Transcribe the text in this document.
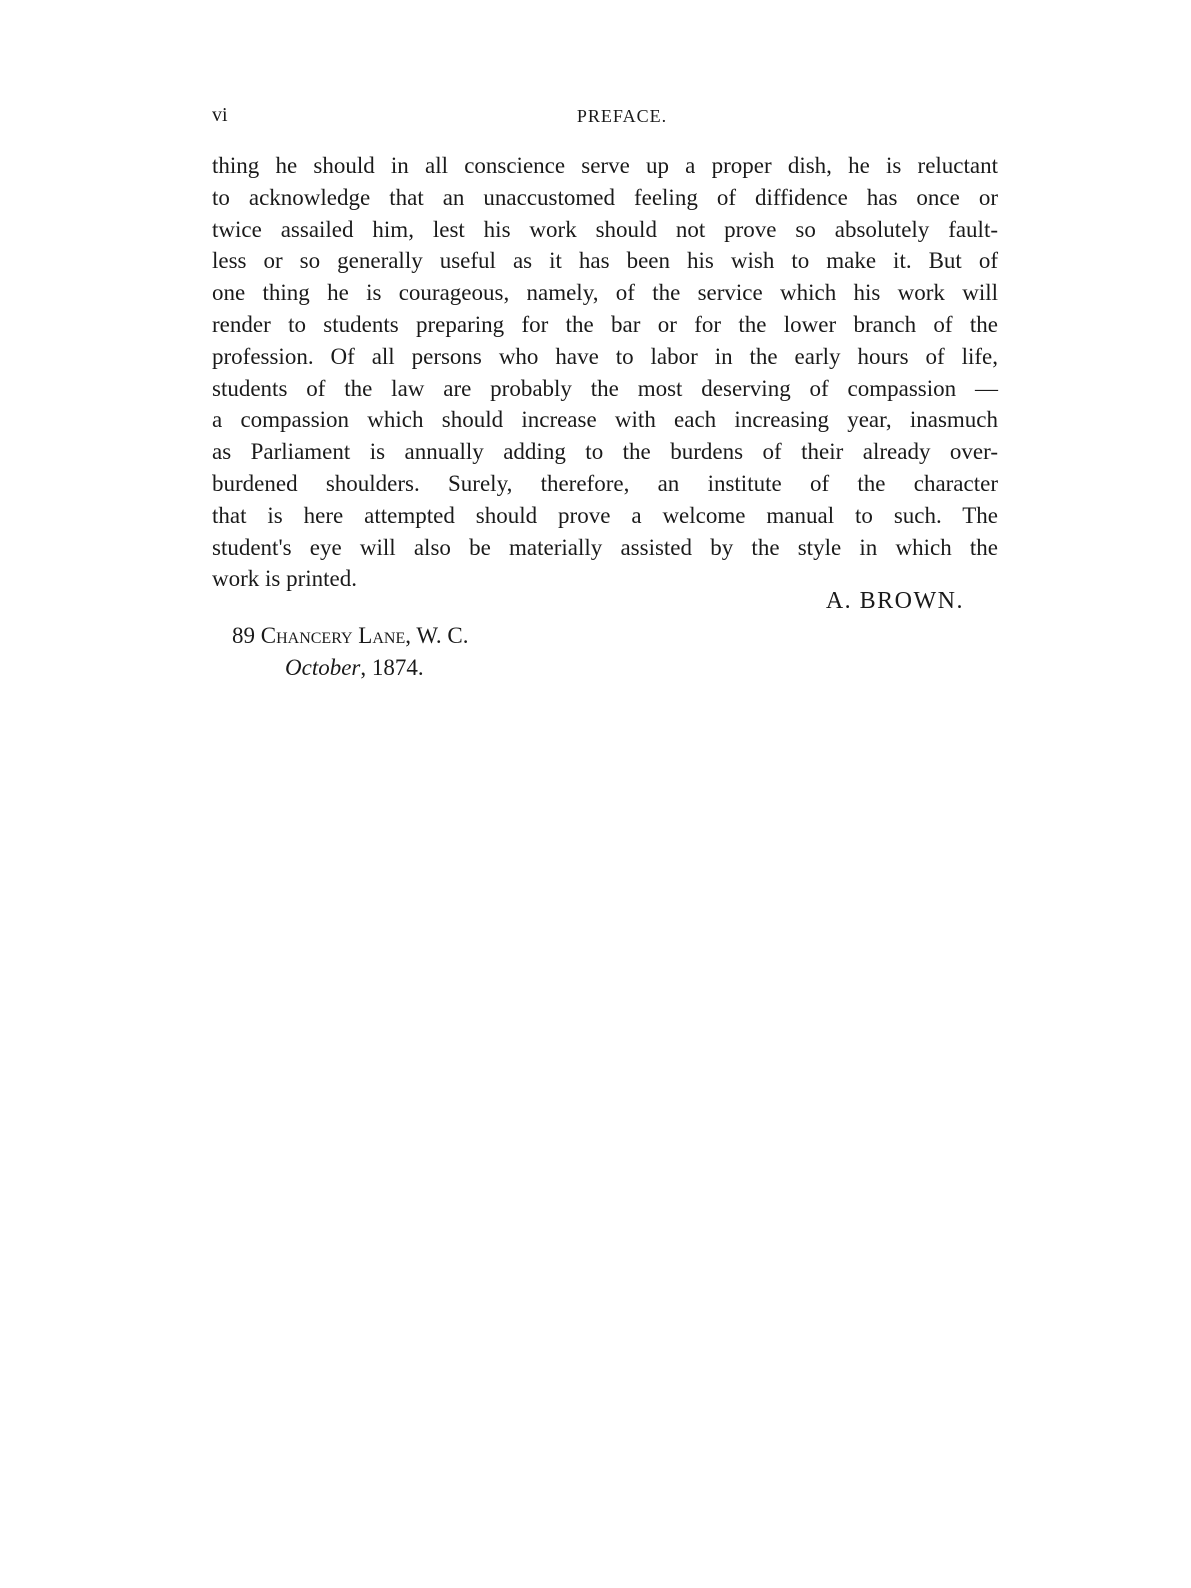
vi	PREFACE.
thing he should in all conscience serve up a proper dish, he is reluctant
to acknowledge that an unaccustomed feeling of diffidence has once or
twice assailed him, lest his work should not prove so absolutely fault-
less or so generally useful as it has been his wish to make it. But of
one thing he is courageous, namely, of the service which his work will
render to students preparing for the bar or for the lower branch of the
profession. Of all persons who have to labor in the early hours of life,
students of the law are probably the most deserving of compassion —
a compassion which should increase with each increasing year, inasmuch
as Parliament is annually adding to the burdens of their already over-
burdened shoulders. Surely, therefore, an institute of the character
that is here attempted should prove a welcome manual to such. The
student's eye will also be materially assisted by the style in which the
work is printed.
A. BROWN.
89 Chancery Lane, W. C.
October, 1874.
